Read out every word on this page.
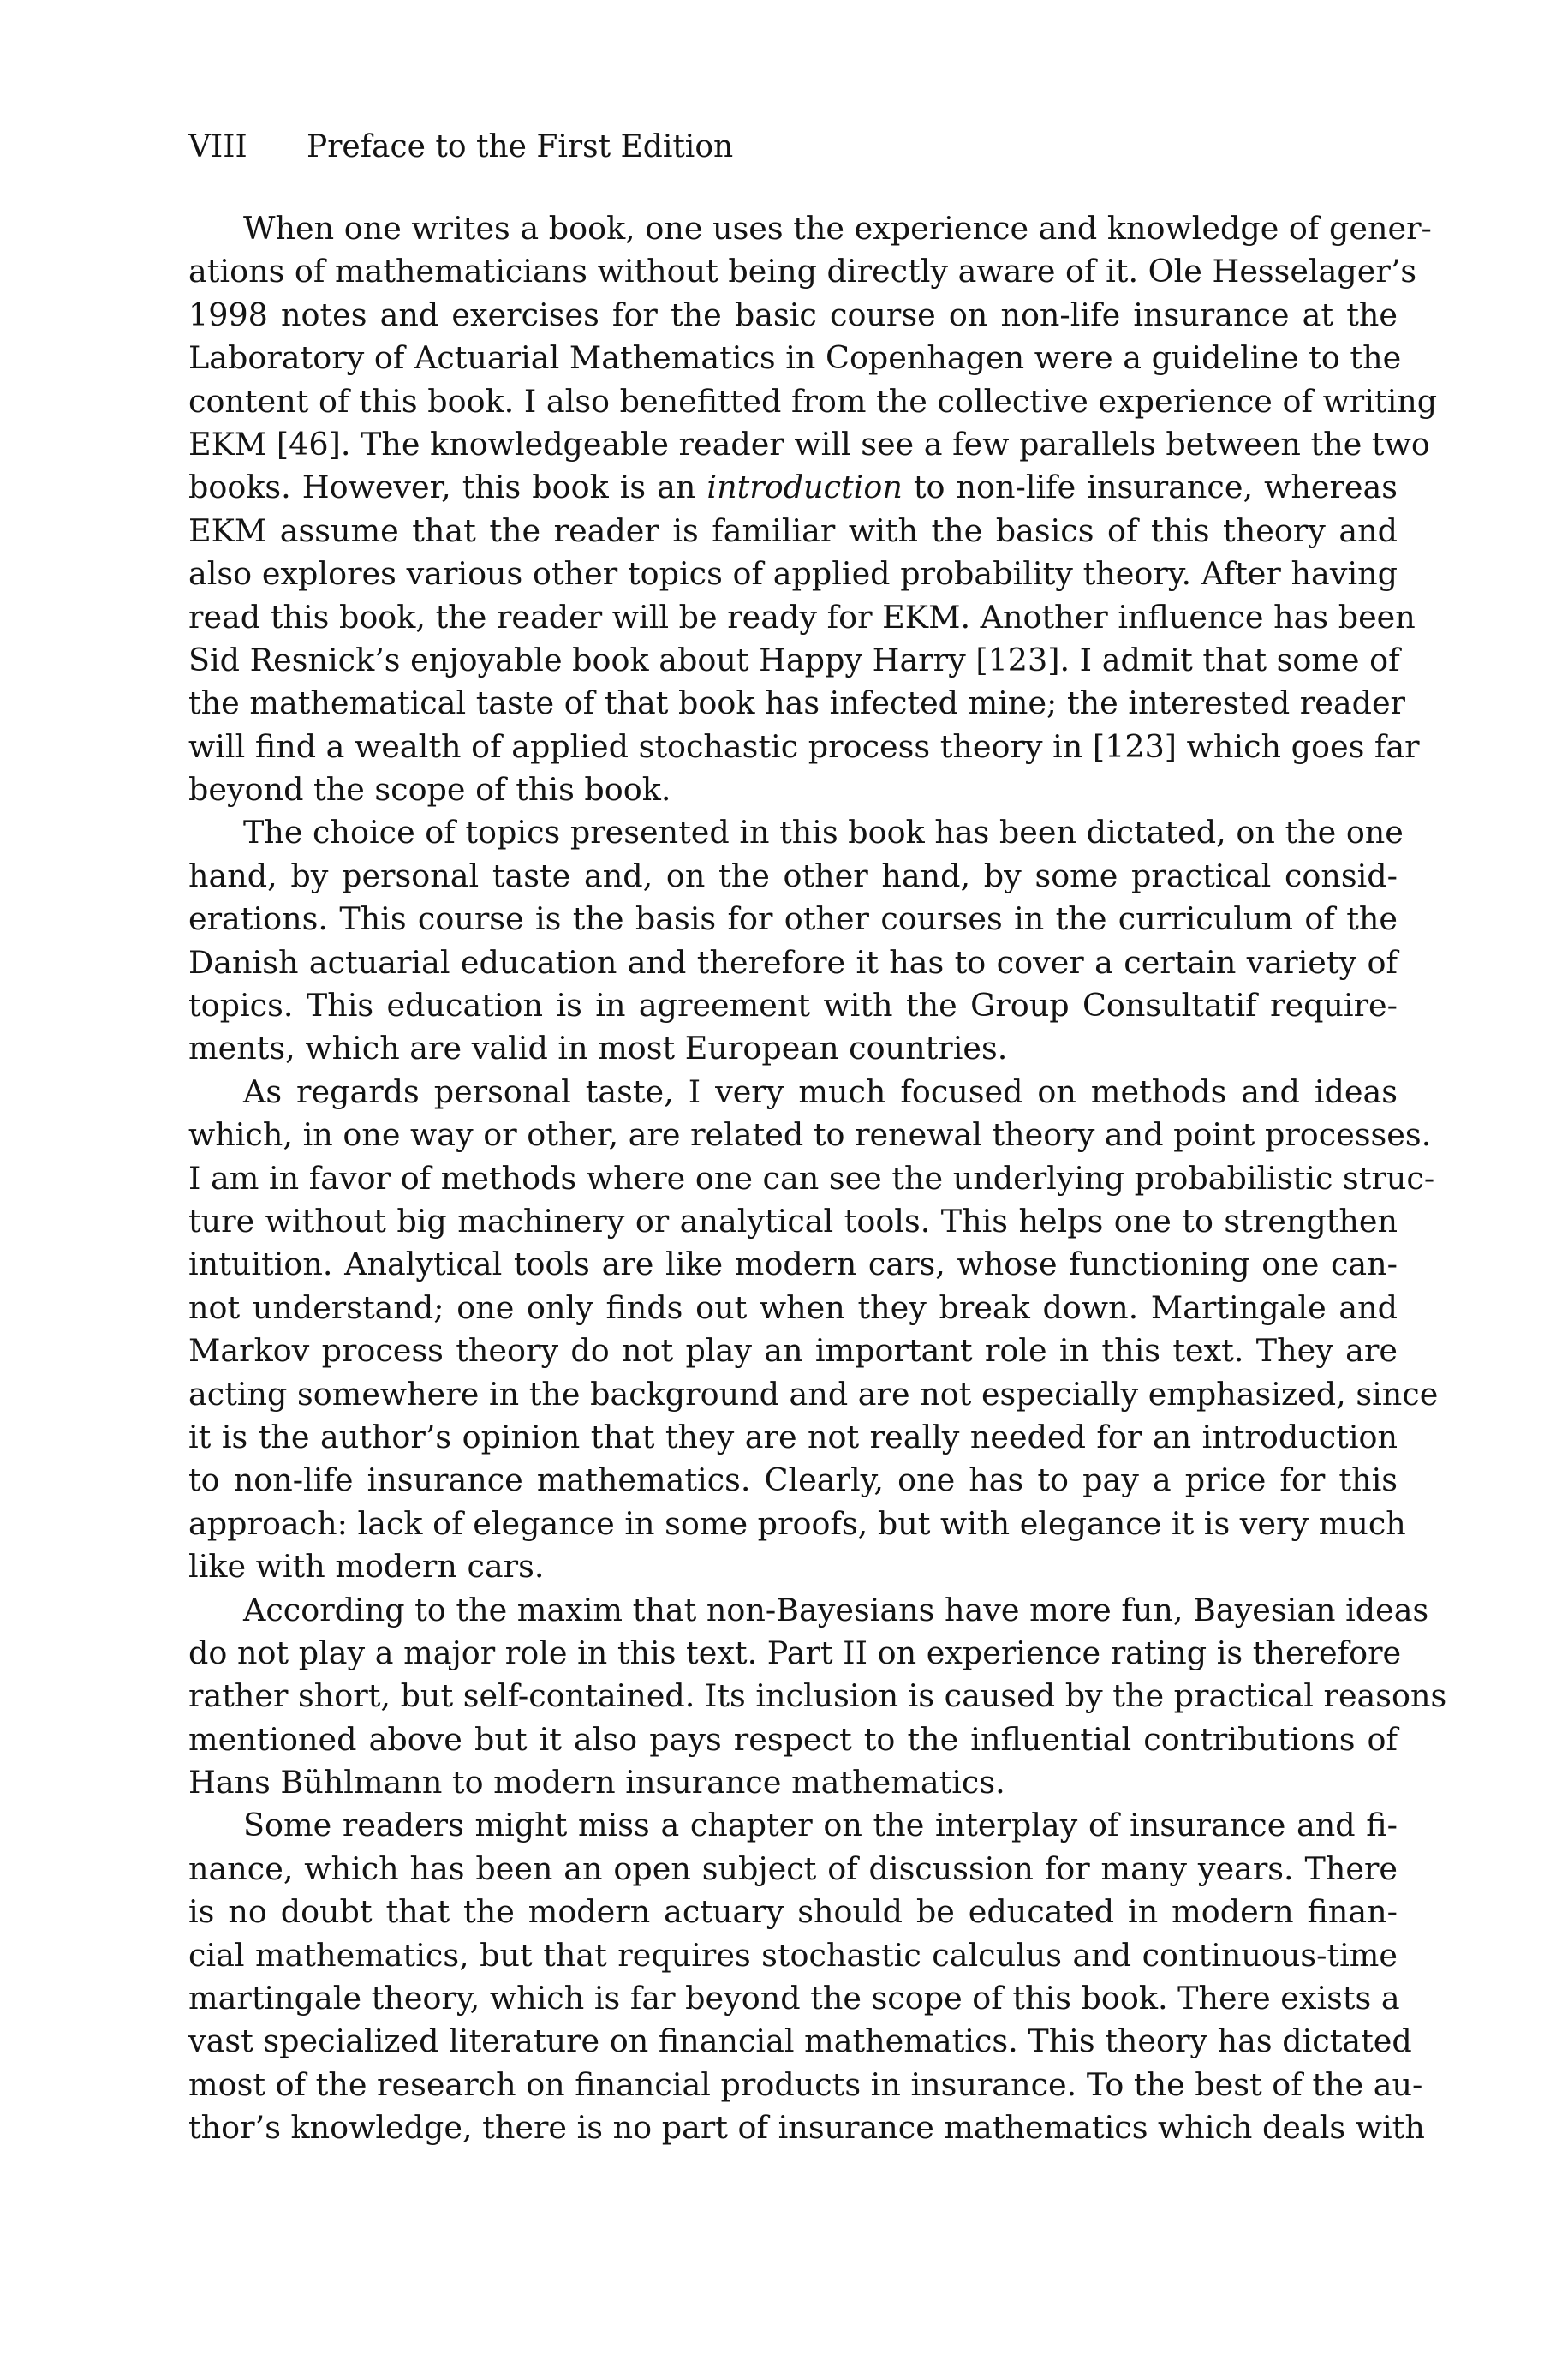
VIII Preface to the First Edition
When one writes a book, one uses the experience and knowledge of gener-
ations of mathematicians without being directly aware of it. Ole Hesselager’s
1998 notes and exercises for the basic course on non-life insurance at the
Laboratory of Actuarial Mathematics in Copenhagen were a guideline to the
content of this book. I also benefitted from the collective experience of writing
EKM [46]. The knowledgeable reader will see a few parallels between the two
books. However, this book is an introduction to non-life insurance, whereas
EKM assume that the reader is familiar with the basics of this theory and
also explores various other topics of applied probability theory. After having
read this book, the reader will be ready for EKM. Another influence has been
Sid Resnick’s enjoyable book about Happy Harry [123]. I admit that some of
the mathematical taste of that book has infected mine; the interested reader
will find a wealth of applied stochastic process theory in [123] which goes far
beyond the scope of this book.
The choice of topics presented in this book has been dictated, on the one
hand, by personal taste and, on the other hand, by some practical consid-
erations. This course is the basis for other courses in the curriculum of the
Danish actuarial education and therefore it has to cover a certain variety of
topics. This education is in agreement with the Group Consultatif require-
ments, which are valid in most European countries.
As regards personal taste, I very much focused on methods and ideas
which, in one way or other, are related to renewal theory and point processes.
I am in favor of methods where one can see the underlying probabilistic struc-
ture without big machinery or analytical tools. This helps one to strengthen
intuition. Analytical tools are like modern cars, whose functioning one can-
not understand; one only finds out when they break down. Martingale and
Markov process theory do not play an important role in this text. They are
acting somewhere in the background and are not especially emphasized, since
it is the author’s opinion that they are not really needed for an introduction
to non-life insurance mathematics. Clearly, one has to pay a price for this
approach: lack of elegance in some proofs, but with elegance it is very much
like with modern cars.
According to the maxim that non-Bayesians have more fun, Bayesian ideas
do not play a major role in this text. Part II on experience rating is therefore
rather short, but self-contained. Its inclusion is caused by the practical reasons
mentioned above but it also pays respect to the influential contributions of
Hans Bühlmann to modern insurance mathematics.
Some readers might miss a chapter on the interplay of insurance and fi-
nance, which has been an open subject of discussion for many years. There
is no doubt that the modern actuary should be educated in modern finan-
cial mathematics, but that requires stochastic calculus and continuous-time
martingale theory, which is far beyond the scope of this book. There exists a
vast specialized literature on financial mathematics. This theory has dictated
most of the research on financial products in insurance. To the best of the au-
thor’s knowledge, there is no part of insurance mathematics which deals with
